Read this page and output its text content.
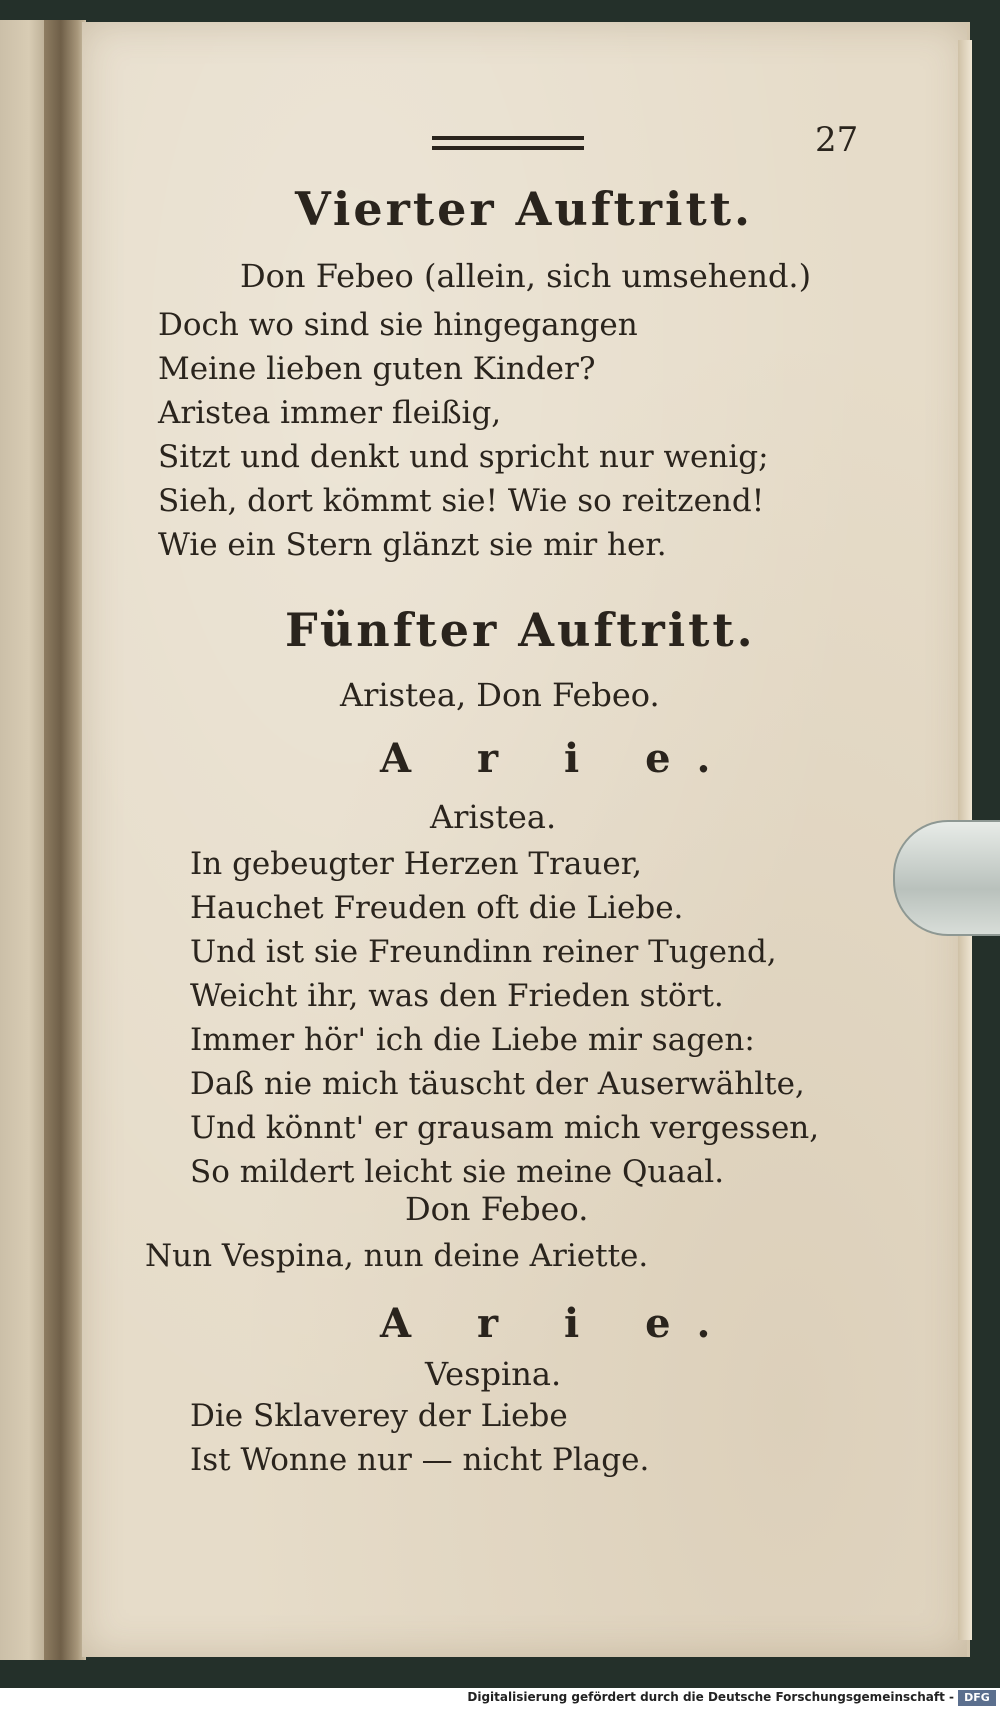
27
Vierter Auftritt.
Don Febeo (allein, sich umsehend.)
Doch wo sind sie hingegangen
Meine lieben guten Kinder?
Aristea immer fleißig,
Sitzt und denkt und spricht nur wenig;
Sieh, dort kömmt sie! Wie so reitzend!
Wie ein Stern glänzt sie mir her.
Fünfter Auftritt.
Aristea, Don Febeo.
A r i e.
Aristea.
In gebeugter Herzen Trauer,
Hauchet Freuden oft die Liebe.
Und ist sie Freundinn reiner Tugend,
Weicht ihr, was den Frieden stört.
Immer hör' ich die Liebe mir sagen:
Daß nie mich täuscht der Auserwählte,
Und könnt' er grausam mich vergessen,
So mildert leicht sie meine Quaal.
Don Febeo.
Nun Vespina, nun deine Ariette.
A r i e.
Vespina.
Die Sklaverey der Liebe
Ist Wonne nur — nicht Plage.
Digitalisierung gefördert durch die Deutsche Forschungsgemeinschaft - DFG
